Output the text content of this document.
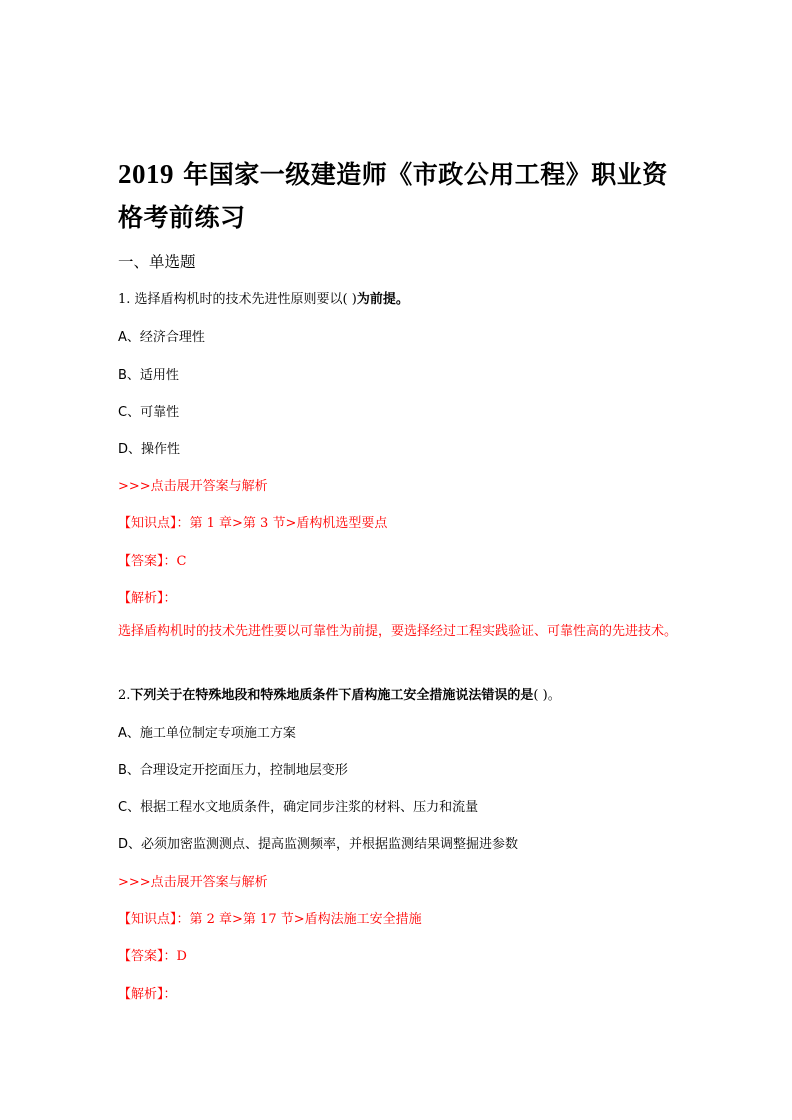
2019 年国家一级建造师《市政公用工程》职业资
格考前练习
一、单选题
1. 选择盾构机时的技术先进性原则要以( )为前提。
A、经济合理性
B、适用性
C、可靠性
D、操作性
>>>点击展开答案与解析
【知识点】：第 1 章>第 3 节>盾构机选型要点
【答案】：C
【解析】：
选择盾构机时的技术先进性要以可靠性为前提，要选择经过工程实践验证、可靠性高的先进技术。
2.下列关于在特殊地段和特殊地质条件下盾构施工安全措施说法错误的是( )。
A、施工单位制定专项施工方案
B、合理设定开挖面压力，控制地层变形
C、根据工程水文地质条件，确定同步注浆的材料、压力和流量
D、必须加密监测测点、提高监测频率，并根据监测结果调整掘进参数
>>>点击展开答案与解析
【知识点】：第 2 章>第 17 节>盾构法施工安全措施
【答案】：D
【解析】：
